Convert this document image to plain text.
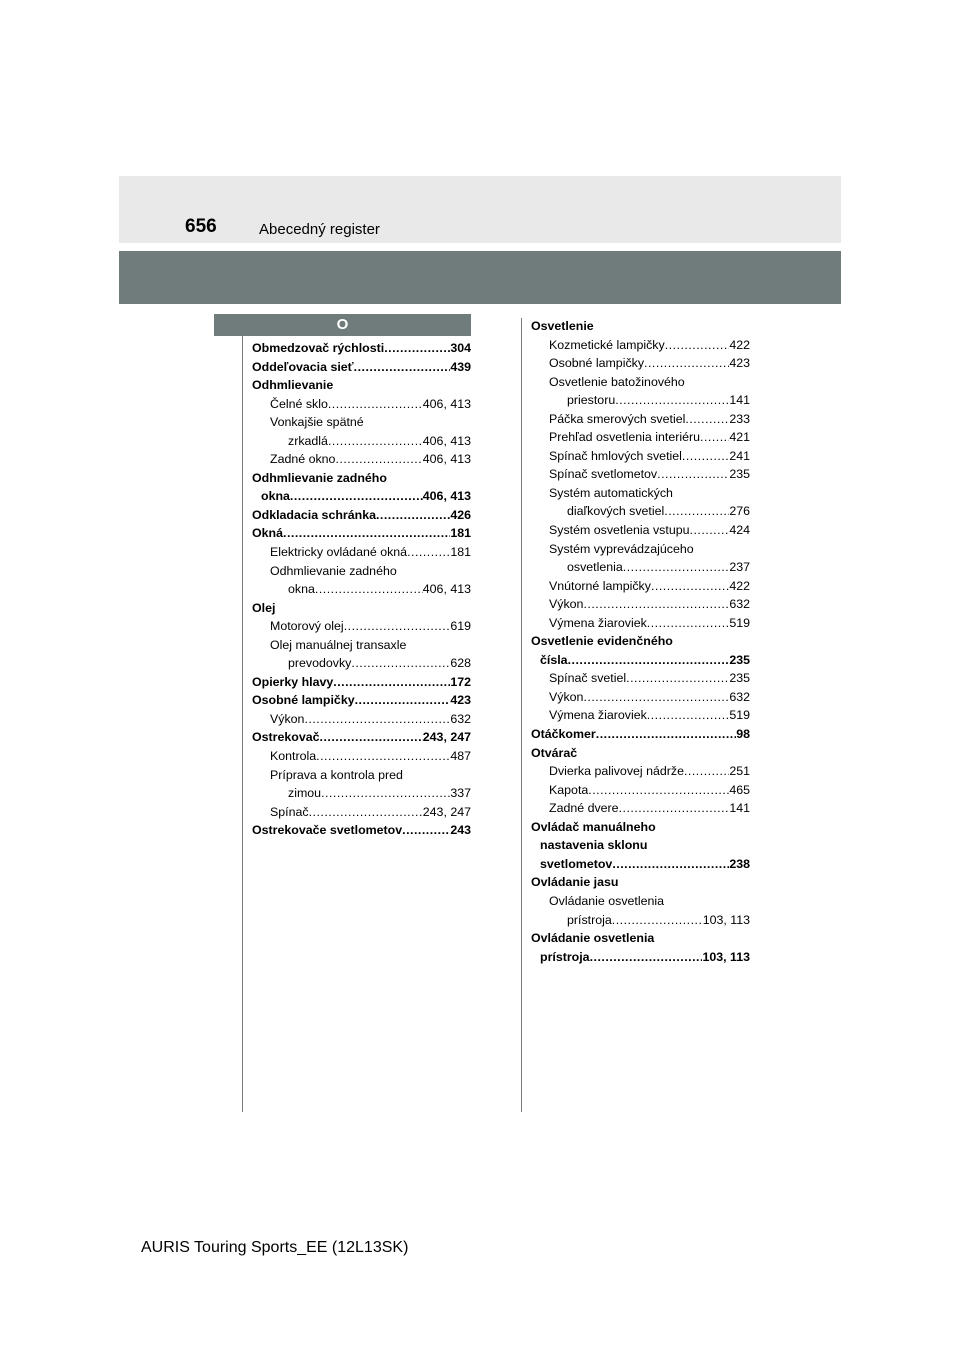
656	Abecedný register
O
Obmedzovač rýchlosti .....	304
Oddeľovacia sieť .....	439
Odhmlievanie
Čelné sklo .....	406, 413
Vonkajšie spätné
zrkadlá .....	406, 413
Zadné okno .....	406, 413
Odhmlievanie zadného
okna .....	406, 413
Odkladacia schránka .....	426
Okná .....	181
Elektricky ovládané okná .....	181
Odhmlievanie zadného
okna .....	406, 413
Olej
Motorový olej .....	619
Olej manuálnej transaxle
prevodovky .....	628
Opierky hlavy .....	172
Osobné lampičky .....	423
Výkon .....	632
Ostrekovač .....	243, 247
Kontrola .....	487
Príprava a kontrola pred
zimou .....	337
Spínač .....	243, 247
Ostrekovače svetlometov .....	243
Osvetlenie
Kozmetické lampičky .....	422
Osobné lampičky .....	423
Osvetlenie batožinového
priestoru .....	141
Páčka smerových svetiel .....	233
Prehľad osvetlenia interiéru ..... 421
Spínač hmlových svetiel .....	241
Spínač svetlometov .....	235
Systém automatických
diaľkových svetiel .....	276
Systém osvetlenia vstupu .....	424
Systém vyprevádzajúceho
osvetlenia .....	237
Vnútorné lampičky .....	422
Výkon .....	632
Výmena žiaroviek .....	519
Osvetlenie evidenčného
čísla .....	235
Spínač svetiel .....	235
Výkon .....	632
Výmena žiaroviek .....	519
Otáčkomer .....	98
Otvárač
Dvierka palivovej nádrže .....	251
Kapota .....	465
Zadné dvere .....	141
Ovládač manuálneho
nastavenia sklonu
svetlometov .....	238
Ovládanie jasu
Ovládanie osvetlenia
prístroja .....	103, 113
Ovládanie osvetlenia
prístroja .....	103, 113
AURIS Touring Sports_EE (12L13SK)
